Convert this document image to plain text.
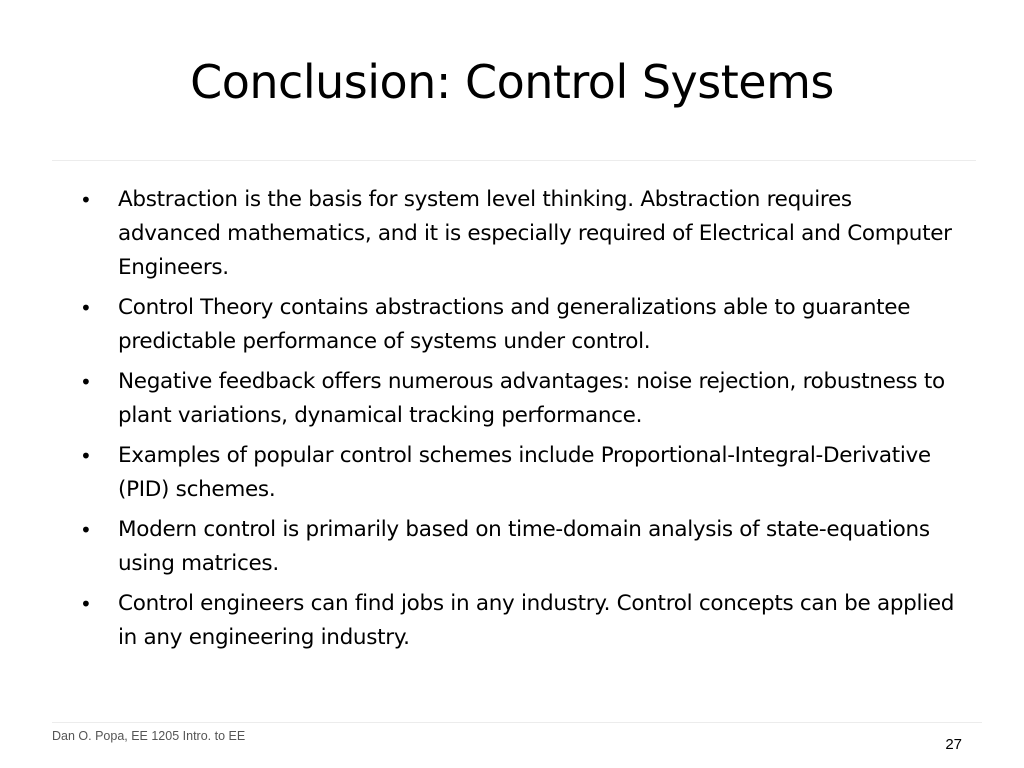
Conclusion: Control Systems
• Abstraction is the basis for system level thinking. Abstraction requires advanced mathematics, and it is especially required of Electrical and Computer Engineers.
• Control Theory contains abstractions and generalizations able to guarantee predictable performance of systems under control.
• Negative feedback offers numerous advantages: noise rejection, robustness to plant variations, dynamical tracking performance.
• Examples of popular control schemes include Proportional-Integral-Derivative (PID) schemes.
• Modern control is primarily based on time-domain analysis of state-equations using matrices.
• Control engineers can find jobs in any industry. Control concepts can be applied in any engineering industry.
Dan O. Popa, EE 1205 Intro. to EE	27
